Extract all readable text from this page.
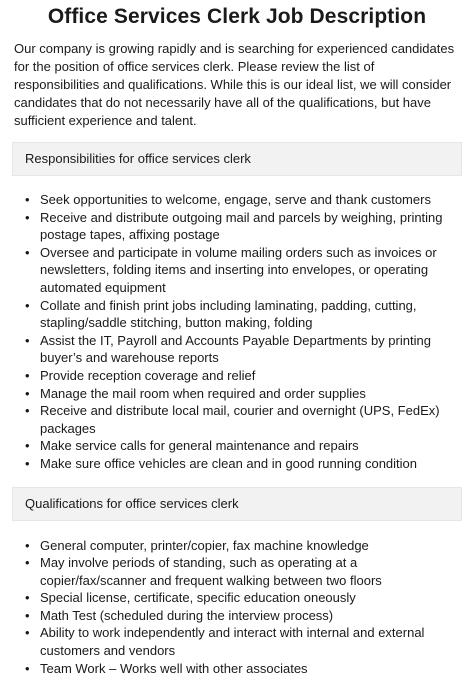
Office Services Clerk Job Description

Our company is growing rapidly and is searching for experienced candidates for the position of office services clerk. Please review the list of responsibilities and qualifications. While this is our ideal list, we will consider candidates that do not necessarily have all of the qualifications, but have sufficient experience and talent.

Responsibilities for office services clerk
• Seek opportunities to welcome, engage, serve and thank customers
• Receive and distribute outgoing mail and parcels by weighing, printing postage tapes, affixing postage
• Oversee and participate in volume mailing orders such as invoices or newsletters, folding items and inserting into envelopes, or operating automated equipment
• Collate and finish print jobs including laminating, padding, cutting, stapling/saddle stitching, button making, folding
• Assist the IT, Payroll and Accounts Payable Departments by printing buyer’s and warehouse reports
• Provide reception coverage and relief
• Manage the mail room when required and order supplies
• Receive and distribute local mail, courier and overnight (UPS, FedEx) packages
• Make service calls for general maintenance and repairs
• Make sure office vehicles are clean and in good running condition
Qualifications for office services clerk
• General computer, printer/copier, fax machine knowledge
• May involve periods of standing, such as operating at a copier/fax/scanner and frequent walking between two floors
• Special license, certificate, specific education oneously
• Math Test (scheduled during the interview process)
• Ability to work independently and interact with internal and external customers and vendors
• Team Work – Works well with other associates
